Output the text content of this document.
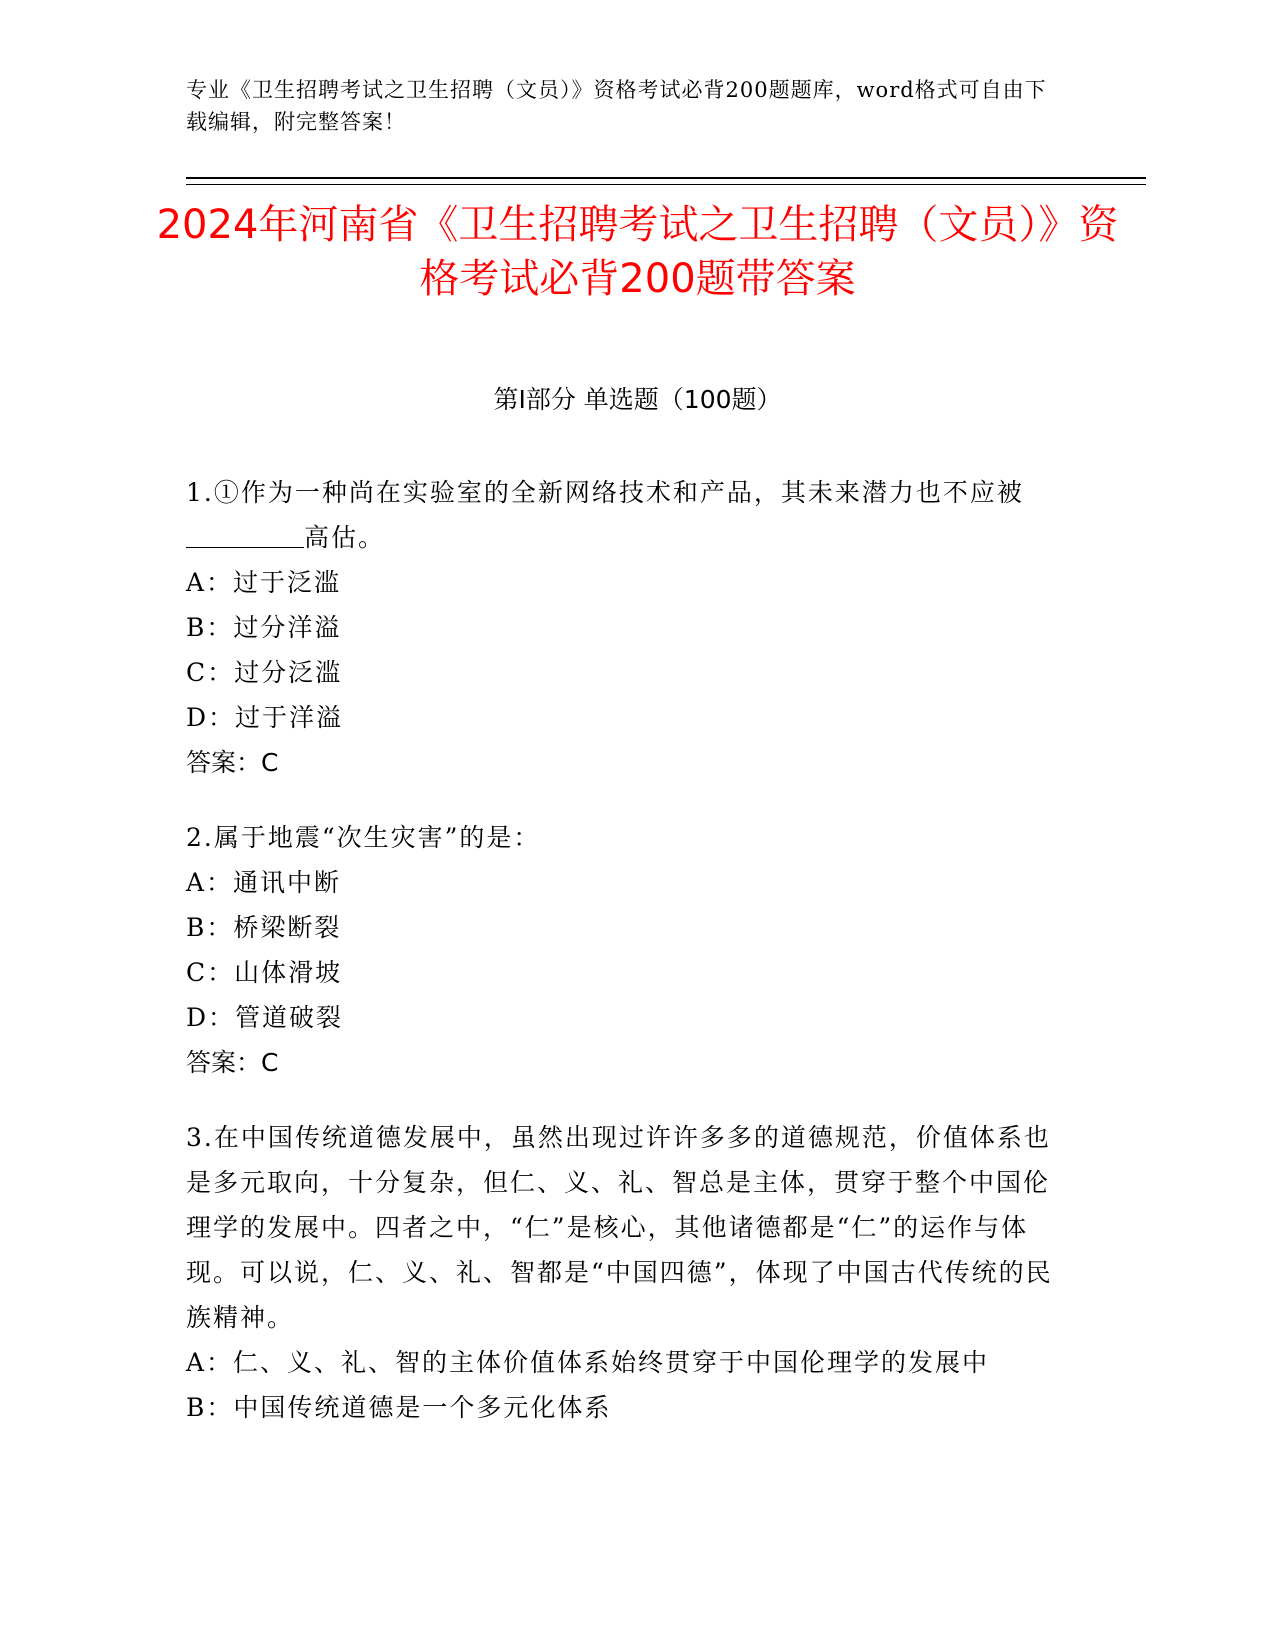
专业《卫生招聘考试之卫生招聘（文员）》资格考试必背200题题库，word格式可自由下载编辑，附完整答案！
2024年河南省《卫生招聘考试之卫生招聘（文员）》资格考试必背200题带答案
第I部分 单选题（100题）
1.①作为一种尚在实验室的全新网络技术和产品，其未来潜力也不应被高估。
A：过于泛滥
B：过分洋溢
C：过分泛滥
D：过于洋溢
答案：C
2.属于地震“次生灾害”的是：
A：通讯中断
B：桥梁断裂
C：山体滑坡
D：管道破裂
答案：C
3.在中国传统道德发展中，虽然出现过许许多多的道德规范，价值体系也是多元取向，十分复杂，但仁、义、礼、智总是主体，贯穿于整个中国伦理学的发展中。四者之中，“仁”是核心，其他诸德都是“仁”的运作与体现。可以说，仁、义、礼、智都是“中国四德”，体现了中国古代传统的民族精神。
A：仁、义、礼、智的主体价值体系始终贯穿于中国伦理学的发展中
B：中国传统道德是一个多元化体系
